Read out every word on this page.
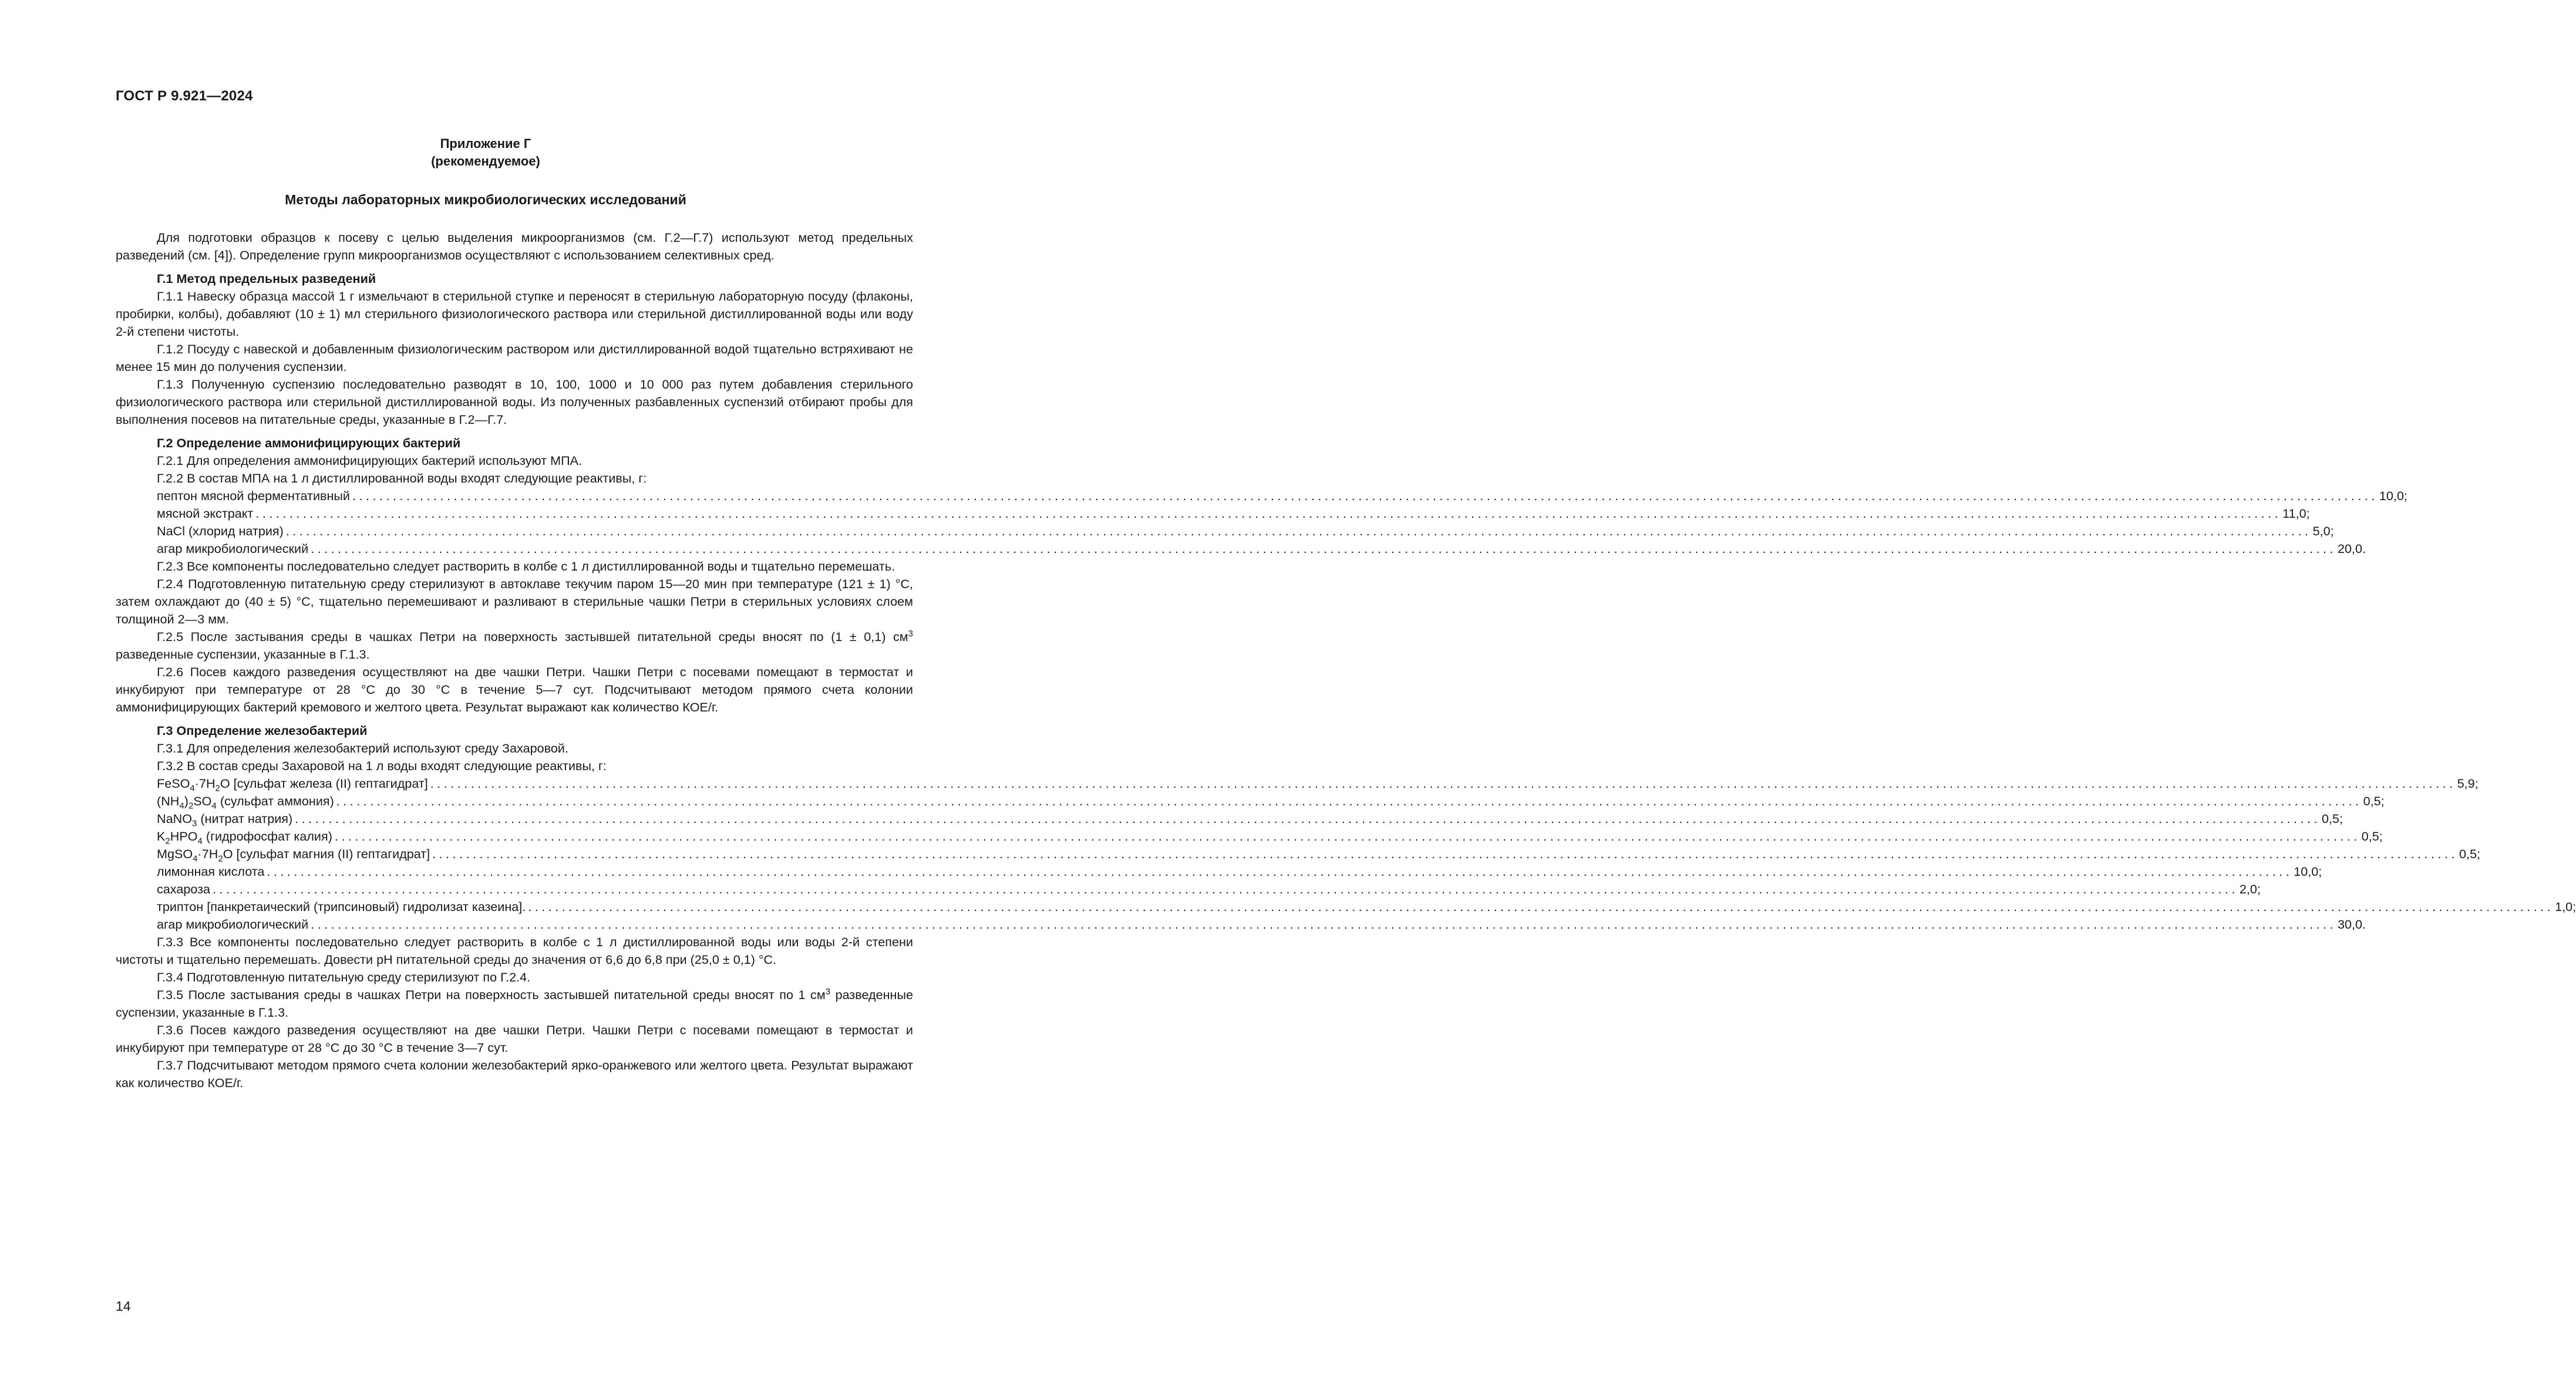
ГОСТ Р 9.921—2024
Приложение Г
(рекомендуемое)
Методы лабораторных микробиологических исследований

Для подготовки образцов к посеву с целью выделения микроорганизмов (см. Г.2—Г.7) используют метод предельных разведений (см. [4]). Определение групп микроорганизмов осуществляют с использованием селективных сред.

Г.1 Метод предельных разведений

Г.1.1 Навеску образца массой 1 г измельчают в стерильной ступке и переносят в стерильную лабораторную посуду (флаконы, пробирки, колбы), добавляют (10 ± 1) мл стерильного физиологического раствора или стерильной дистиллированной воды или воду 2-й степени чистоты.

Г.1.2 Посуду с навеской и добавленным физиологическим раствором или дистиллированной водой тщательно встряхивают не менее 15 мин до получения суспензии.

Г.1.3 Полученную суспензию последовательно разводят в 10, 100, 1000 и 10 000 раз путем добавления стерильного физиологического раствора или стерильной дистиллированной воды. Из полученных разбавленных суспензий отбирают пробы для выполнения посевов на питательные среды, указанные в Г.2—Г.7.

Г.2 Определение аммонифицирующих бактерий

Г.2.1 Для определения аммонифицирующих бактерий используют МПА.

Г.2.2 В состав МПА на 1 л дистиллированной воды входят следующие реактивы, г:

пептон мясной ферментативный ............................................................................................................................................................................................................................................................................................................ 10,0;
мясной экстракт ............................................................................................................................................................................................................................................................................................................ 11,0;
NaCl (хлорид натрия) ............................................................................................................................................................................................................................................................................................................ 5,0;
агар микробиологический ............................................................................................................................................................................................................................................................................................................ 20,0.

Г.2.3 Все компоненты последовательно следует растворить в колбе с 1 л дистиллированной воды и тщательно перемешать.

Г.2.4 Подготовленную питательную среду стерилизуют в автоклаве текучим паром 15—20 мин при температуре (121 ± 1) °С, затем охлаждают до (40 ± 5) °С, тщательно перемешивают и разливают в стерильные чашки Петри в стерильных условиях слоем толщиной 2—3 мм.

Г.2.5 После застывания среды в чашках Петри на поверхность застывшей питательной среды вносят по (1 ± 0,1) $см^3$ разведенные суспензии, указанные в Г.1.3.

Г.2.6 Посев каждого разведения осуществляют на две чашки Петри. Чашки Петри с посевами помещают в термостат и инкубируют при температуре от 28 °С до 30 °С в течение 5—7 сут. Подсчитывают методом прямого счета колонии аммонифицирующих бактерий кремового и желтого цвета. Результат выражают как количество КОЕ/г.

Г.3 Определение железобактерий

Г.3.1 Для определения железобактерий используют среду Захаровой.

Г.3.2 В состав среды Захаровой на 1 л воды входят следующие реактивы, г:

$FeSO_4\cdot 7H_2O$ [сульфат железа (II) гептагидрат] ............................................................................................................................................................................................................................................................................................................ 5,9;
$(NH_4)_2SO_4$ (сульфат аммония) ............................................................................................................................................................................................................................................................................................................ 0,5;
NaNO$_3$ (нитрат натрия) ............................................................................................................................................................................................................................................................................................................ 0,5;
$K_2HPO_4$ (гидрофосфат калия) ............................................................................................................................................................................................................................................................................................................ 0,5;
$MgSO_4\cdot 7H_2O$ [сульфат магния (II) гептагидрат] ............................................................................................................................................................................................................................................................................................................ 0,5;
лимонная кислота ............................................................................................................................................................................................................................................................................................................ 10,0;
сахароза ............................................................................................................................................................................................................................................................................................................ 2,0;
триптон [панкретаический (трипсиновый) гидролизат казеина]. ............................................................................................................................................................................................................................................................................................................ 1,0;
агар микробиологический ............................................................................................................................................................................................................................................................................................................ 30,0.

Г.3.3 Все компоненты последовательно следует растворить в колбе с 1 л дистиллированной воды или воды 2-й степени чистоты и тщательно перемешать. Довести pH питательной среды до значения от 6,6 до 6,8 при (25,0 ± 0,1) °С.

Г.3.4 Подготовленную питательную среду стерилизуют по Г.2.4.

Г.3.5 После застывания среды в чашках Петри на поверхность застывшей питательной среды вносят по 1 $см^3$ разведенные суспензии, указанные в Г.1.3.

Г.3.6 Посев каждого разведения осуществляют на две чашки Петри. Чашки Петри с посевами помещают в термостат и инкубируют при температуре от 28 °С до 30 °С в течение 3—7 сут.

Г.3.7 Подсчитывают методом прямого счета колонии железобактерий ярко-оранжевого или желтого цвета. Результат выражают как количество КОЕ/г.

14
